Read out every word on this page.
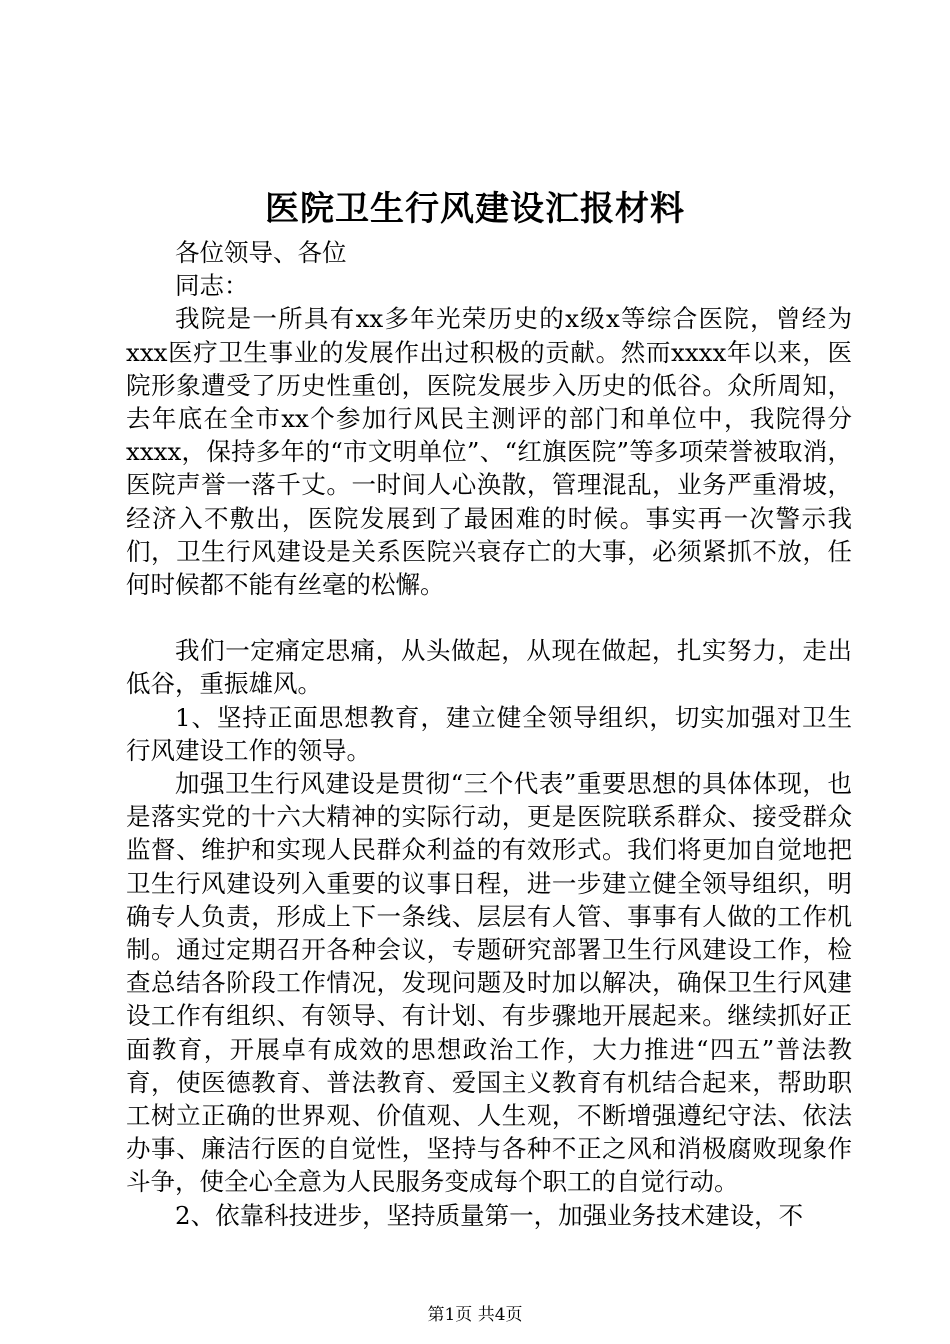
医院卫生行风建设汇报材料

各位领导、各位

同志：

我院是一所具有xx多年光荣历史的x级x等综合医院，曾经为xxx医疗卫生事业的发展作出过积极的贡献。然而xxxx年以来，医院形象遭受了历史性重创，医院发展步入历史的低谷。众所周知，去年底在全市xx个参加行风民主测评的部门和单位中，我院得分xxxx，保持多年的“市文明单位”、“红旗医院”等多项荣誉被取消，医院声誉一落千丈。一时间人心涣散，管理混乱，业务严重滑坡，经济入不敷出，医院发展到了最困难的时候。事实再一次警示我们，卫生行风建设是关系医院兴衰存亡的大事，必须紧抓不放，任何时候都不能有丝毫的松懈。

我们一定痛定思痛，从头做起，从现在做起，扎实努力，走出低谷，重振雄风。

1、坚持正面思想教育，建立健全领导组织，切实加强对卫生行风建设工作的领导。

加强卫生行风建设是贯彻“三个代表”重要思想的具体体现，也是落实党的十六大精神的实际行动，更是医院联系群众、接受群众监督、维护和实现人民群众利益的有效形式。我们将更加自觉地把卫生行风建设列入重要的议事日程，进一步建立健全领导组织，明确专人负责，形成上下一条线、层层有人管、事事有人做的工作机制。通过定期召开各种会议，专题研究部署卫生行风建设工作，检查总结各阶段工作情况，发现问题及时加以解决，确保卫生行风建设工作有组织、有领导、有计划、有步骤地开展起来。继续抓好正面教育，开展卓有成效的思想政治工作，大力推进“四五”普法教育，使医德教育、普法教育、爱国主义教育有机结合起来，帮助职工树立正确的世界观、价值观、人生观，不断增强遵纪守法、依法办事、廉洁行医的自觉性，坚持与各种不正之风和消极腐败现象作斗争，使全心全意为人民服务变成每个职工的自觉行动。

2、依靠科技进步，坚持质量第一，加强业务技术建设，不

第1页 共4页
